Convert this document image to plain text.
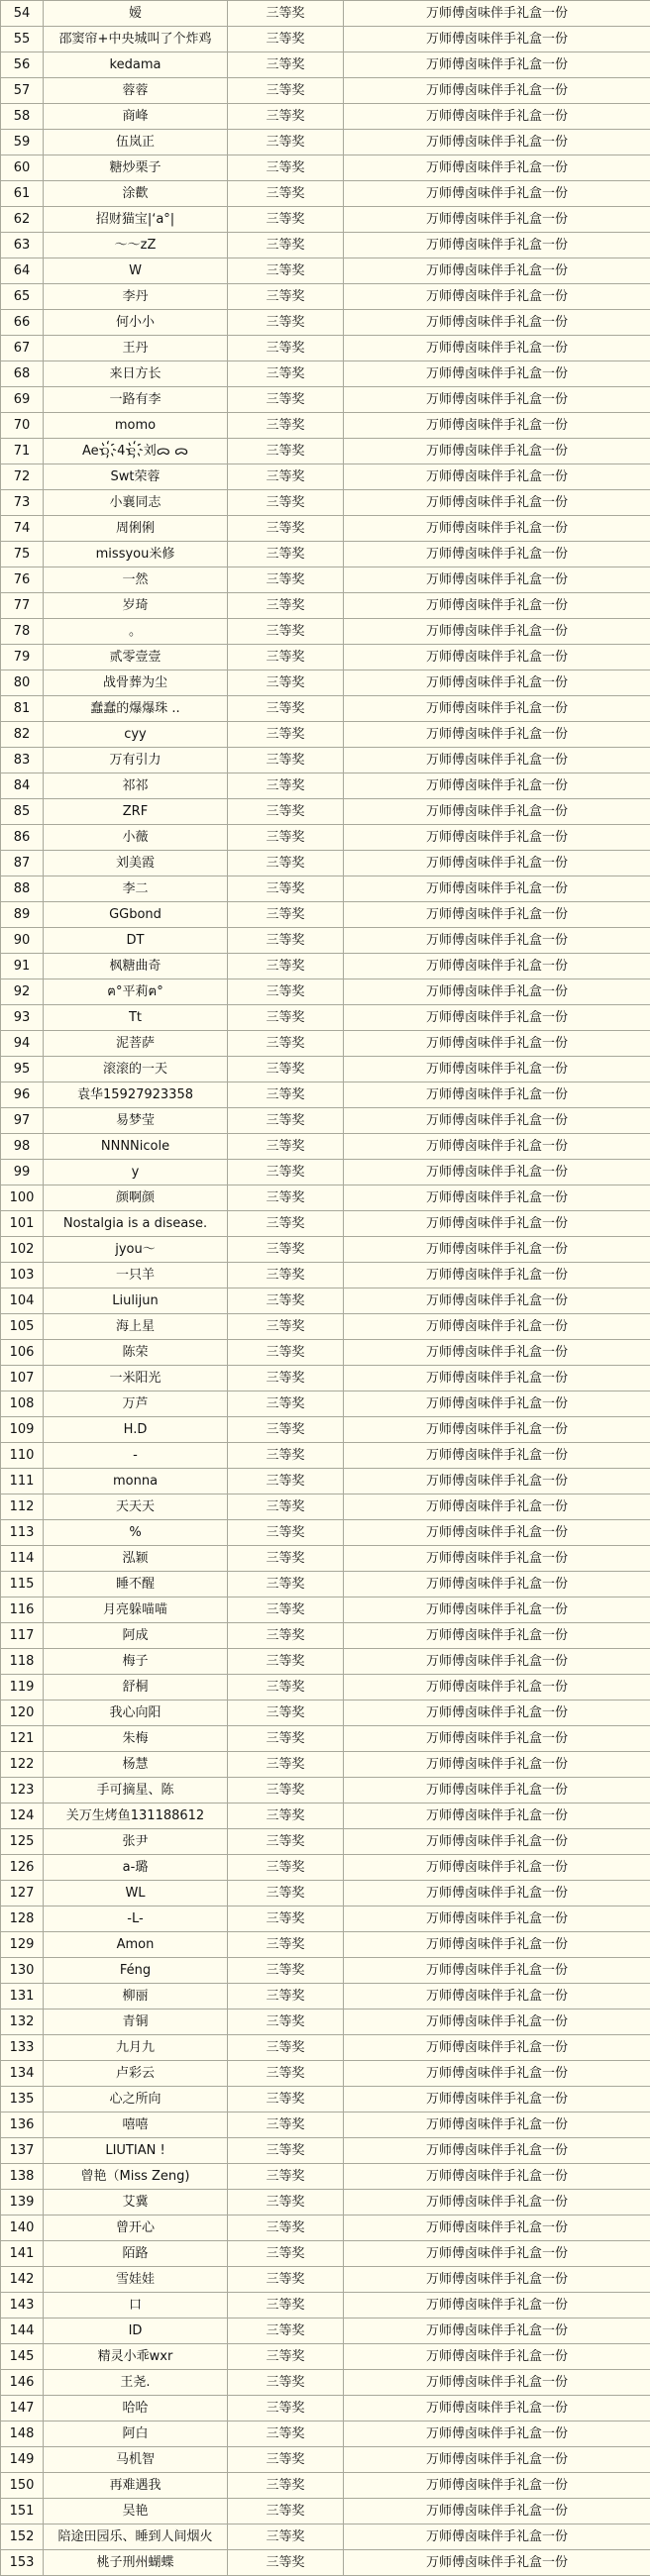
54	嫒	三等奖	万师傅卤味伴手礼盒一份
55	邵窦帘+中央城叫了个炸鸡	三等奖	万师傅卤味伴手礼盒一份
56	kedama	三等奖	万师傅卤味伴手礼盒一份
57	蓉蓉	三等奖	万师傅卤味伴手礼盒一份
58	商峰	三等奖	万师傅卤味伴手礼盒一份
59	伍岚正	三等奖	万师傅卤味伴手礼盒一份
60	糖炒栗子	三等奖	万师傅卤味伴手礼盒一份
61	涂歡	三等奖	万师傅卤味伴手礼盒一份
62	招财猫宝|ʻa°|	三等奖	万师傅卤味伴手礼盒一份
63	～～zZ	三等奖	万师傅卤味伴手礼盒一份
64	W	三等奖	万师傅卤味伴手礼盒一份
65	李丹	三等奖	万师傅卤味伴手礼盒一份
66	何小小	三等奖	万师傅卤味伴手礼盒一份
67	王丹	三等奖	万师傅卤味伴手礼盒一份
68	来日方长	三等奖	万师傅卤味伴手礼盒一份
69	一路有李	三等奖	万师傅卤味伴手礼盒一份
70	momo	三等奖	万师傅卤味伴手礼盒一份
71	Aeｏ҉4ｅ҉刘ᯅ ᯅ	三等奖	万师傅卤味伴手礼盒一份
72	Swt荣蓉	三等奖	万师傅卤味伴手礼盒一份
73	小襄同志	三等奖	万师傅卤味伴手礼盒一份
74	周俐俐	三等奖	万师傅卤味伴手礼盒一份
75	missyou米修	三等奖	万师傅卤味伴手礼盒一份
76	一然	三等奖	万师傅卤味伴手礼盒一份
77	岁琦	三等奖	万师傅卤味伴手礼盒一份
78	。	三等奖	万师傅卤味伴手礼盒一份
79	贰零壹壹	三等奖	万师傅卤味伴手礼盒一份
80	战骨葬为尘	三等奖	万师傅卤味伴手礼盒一份
81	蠢蠢的爆爆珠 ..	三等奖	万师傅卤味伴手礼盒一份
82	cyy	三等奖	万师傅卤味伴手礼盒一份
83	万有引力	三等奖	万师傅卤味伴手礼盒一份
84	祁祁	三等奖	万师傅卤味伴手礼盒一份
85	ZRF	三等奖	万师傅卤味伴手礼盒一份
86	小薇	三等奖	万师傅卤味伴手礼盒一份
87	刘美霞	三等奖	万师傅卤味伴手礼盒一份
88	李二	三等奖	万师傅卤味伴手礼盒一份
89	GGbond	三等奖	万师傅卤味伴手礼盒一份
90	DT	三等奖	万师傅卤味伴手礼盒一份
91	枫糖曲奇	三等奖	万师傅卤味伴手礼盒一份
92	ฅ°平莉ฅ°	三等奖	万师傅卤味伴手礼盒一份
93	Tt	三等奖	万师傅卤味伴手礼盒一份
94	泥菩萨	三等奖	万师傅卤味伴手礼盒一份
95	滚滚的一天	三等奖	万师傅卤味伴手礼盒一份
96	袁华15927923358	三等奖	万师傅卤味伴手礼盒一份
97	易梦莹	三等奖	万师傅卤味伴手礼盒一份
98	NNNNicole	三等奖	万师傅卤味伴手礼盒一份
99	y	三等奖	万师傅卤味伴手礼盒一份
100	颜啊颜	三等奖	万师傅卤味伴手礼盒一份
101	Nostalgia is a disease.	三等奖	万师傅卤味伴手礼盒一份
102	jyou～	三等奖	万师傅卤味伴手礼盒一份
103	一只羊	三等奖	万师傅卤味伴手礼盒一份
104	Liulijun	三等奖	万师傅卤味伴手礼盒一份
105	海上星	三等奖	万师傅卤味伴手礼盒一份
106	陈荣	三等奖	万师傅卤味伴手礼盒一份
107	一米阳光	三等奖	万师傅卤味伴手礼盒一份
108	万芦	三等奖	万师傅卤味伴手礼盒一份
109	H.D	三等奖	万师傅卤味伴手礼盒一份
110	-	三等奖	万师傅卤味伴手礼盒一份
111	monna	三等奖	万师傅卤味伴手礼盒一份
112	天天天	三等奖	万师傅卤味伴手礼盒一份
113	%	三等奖	万师傅卤味伴手礼盒一份
114	泓颖	三等奖	万师傅卤味伴手礼盒一份
115	睡不醒	三等奖	万师傅卤味伴手礼盒一份
116	月亮躲喵喵	三等奖	万师傅卤味伴手礼盒一份
117	阿成	三等奖	万师傅卤味伴手礼盒一份
118	梅子	三等奖	万师傅卤味伴手礼盒一份
119	舒桐	三等奖	万师傅卤味伴手礼盒一份
120	我心向阳	三等奖	万师傅卤味伴手礼盒一份
121	朱梅	三等奖	万师傅卤味伴手礼盒一份
122	杨慧	三等奖	万师傅卤味伴手礼盒一份
123	手可摘星、陈	三等奖	万师傅卤味伴手礼盒一份
124	关万生烤鱼131188612	三等奖	万师傅卤味伴手礼盒一份
125	张尹	三等奖	万师傅卤味伴手礼盒一份
126	a-璐	三等奖	万师傅卤味伴手礼盒一份
127	WL	三等奖	万师傅卤味伴手礼盒一份
128	-L-	三等奖	万师傅卤味伴手礼盒一份
129	Amon	三等奖	万师傅卤味伴手礼盒一份
130	Féng	三等奖	万师傅卤味伴手礼盒一份
131	柳丽	三等奖	万师傅卤味伴手礼盒一份
132	青铜	三等奖	万师傅卤味伴手礼盒一份
133	九月九	三等奖	万师傅卤味伴手礼盒一份
134	卢彩云	三等奖	万师傅卤味伴手礼盒一份
135	心之所向	三等奖	万师傅卤味伴手礼盒一份
136	嘻嘻	三等奖	万师傅卤味伴手礼盒一份
137	LIUTIAN !	三等奖	万师傅卤味伴手礼盒一份
138	曾艳（Miss Zeng)	三等奖	万师傅卤味伴手礼盒一份
139	艾冀	三等奖	万师傅卤味伴手礼盒一份
140	曾开心	三等奖	万师傅卤味伴手礼盒一份
141	陌路	三等奖	万师傅卤味伴手礼盒一份
142	雪娃娃	三等奖	万师傅卤味伴手礼盒一份
143	口	三等奖	万师傅卤味伴手礼盒一份
144	ID	三等奖	万师傅卤味伴手礼盒一份
145	精灵小乖wxr	三等奖	万师傅卤味伴手礼盒一份
146	王尧.	三等奖	万师傅卤味伴手礼盒一份
147	哈哈	三等奖	万师傅卤味伴手礼盒一份
148	阿白	三等奖	万师傅卤味伴手礼盒一份
149	马机智	三等奖	万师傅卤味伴手礼盒一份
150	再难遇我	三等奖	万师傅卤味伴手礼盒一份
151	吴艳	三等奖	万师傅卤味伴手礼盒一份
152	陪途田园乐、睡到人间烟火	三等奖	万师傅卤味伴手礼盒一份
153	桃子刑州蝴蝶	三等奖	万师傅卤味伴手礼盒一份
